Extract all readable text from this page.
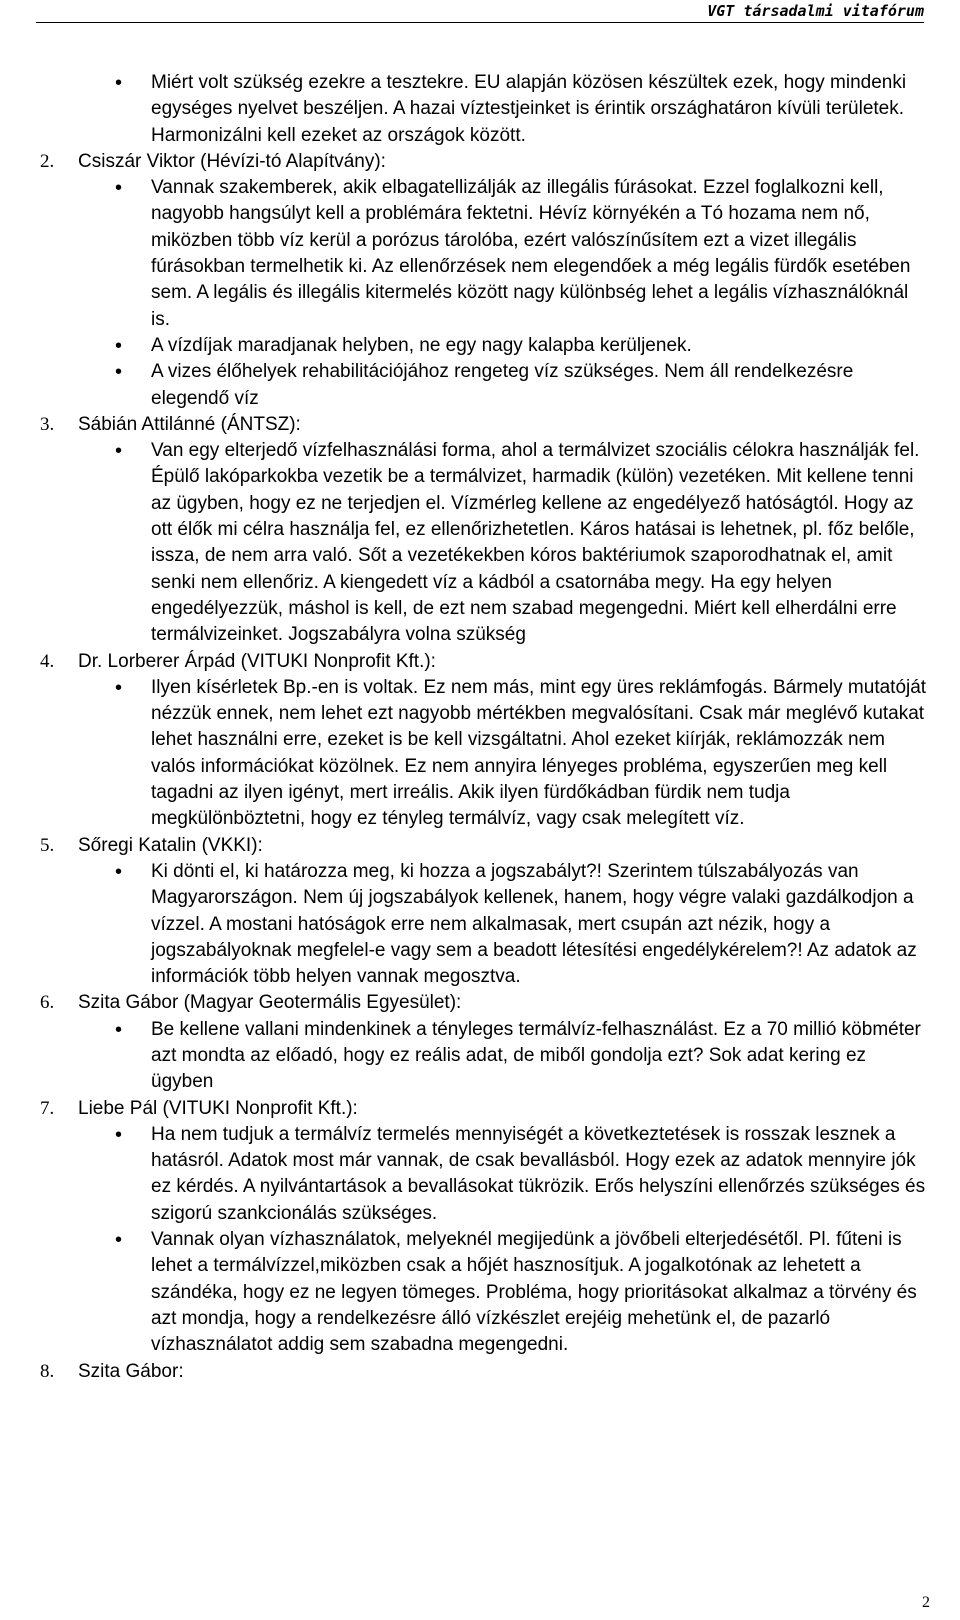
VGT társadalmi vitafórum
• Miért volt szükség ezekre a tesztekre. EU alapján közösen készültek ezek, hogy mindenki egységes nyelvet beszéljen. A hazai víztestjeinket is érintik országhatáron kívüli területek. Harmonizálni kell ezeket az országok között.
2. Csiszár Viktor (Hévízi-tó Alapítvány):
• Vannak szakemberek, akik elbagatellizálják az illegális fúrásokat. Ezzel foglalkozni kell, nagyobb hangsúlyt kell a problémára fektetni. Hévíz környékén a Tó hozama nem nő, miközben több víz kerül a porózus tárolóba, ezért valószínűsítem ezt a vizet illegális fúrásokban termelhetik ki. Az ellenőrzések nem elegendőek a még legális fürdők esetében sem. A legális és illegális kitermelés között nagy különbség lehet a legális vízhasználóknál is.
• A vízdíjak maradjanak helyben, ne egy nagy kalapba kerüljenek.
• A vizes élőhelyek rehabilitációjához rengeteg víz szükséges. Nem áll rendelkezésre elegendő víz
3. Sábián Attilánné (ÁNTSZ):
• Van egy elterjedő vízfelhasználási forma, ahol a termálvizet szociális célokra használják fel. Épülő lakóparkokba vezetik be a termálvizet, harmadik (külön) vezetéken. Mit kellene tenni az ügyben, hogy ez ne terjedjen el. Vízmérleg kellene az engedélyező hatóságtól. Hogy az ott élők mi célra használja fel, ez ellenőrizhetetlen. Káros hatásai is lehetnek, pl. főz belőle, issza, de nem arra való. Sőt a vezetékekben kóros baktériumok szaporodhatnak el, amit senki nem ellenőriz. A kiengedett víz a kádból a csatornába megy. Ha egy helyen engedélyezzük, máshol is kell, de ezt nem szabad megengedni. Miért kell elherdálni erre termálvizeinket. Jogszabályra volna szükség
4. Dr. Lorberer Árpád (VITUKI Nonprofit Kft.):
• Ilyen kísérletek Bp.-en is voltak. Ez nem más, mint egy üres reklámfogás. Bármely mutatóját nézzük ennek, nem lehet ezt nagyobb mértékben megvalósítani. Csak már meglévő kutakat lehet használni erre, ezeket is be kell vizsgáltatni. Ahol ezeket kiírják, reklámozzák nem valós információkat közölnek. Ez nem annyira lényeges probléma, egyszerűen meg kell tagadni az ilyen igényt, mert irreális. Akik ilyen fürdőkádban fürdik nem tudja megkülönböztetni, hogy ez tényleg termálvíz, vagy csak melegített víz.
5. Sőregi Katalin (VKKI):
• Ki dönti el, ki határozza meg, ki hozza a jogszabályt?! Szerintem túlszabályozás van Magyarországon. Nem új jogszabályok kellenek, hanem, hogy végre valaki gazdálkodjon a vízzel. A mostani hatóságok erre nem alkalmasak, mert csupán azt nézik, hogy a jogszabályoknak megfelel-e vagy sem a beadott létesítési engedélykérelem?! Az adatok az információk több helyen vannak megosztva.
6. Szita Gábor (Magyar Geotermális Egyesület):
• Be kellene vallani mindenkinek a tényleges termálvíz-felhasználást. Ez a 70 millió köbméter azt mondta az előadó, hogy ez reális adat, de miből gondolja ezt? Sok adat kering ez ügyben
7. Liebe Pál (VITUKI Nonprofit Kft.):
• Ha nem tudjuk a termálvíz termelés mennyiségét a következtetések is rosszak lesznek a hatásról. Adatok most már vannak, de csak bevallásból. Hogy ezek az adatok mennyire jók ez kérdés. A nyilvántartások a bevallásokat tükrözik. Erős helyszíni ellenőrzés szükséges és szigorú szankcionálás szükséges.
• Vannak olyan vízhasználatok, melyeknél megijedünk a jövőbeli elterjedésétől. Pl. fűteni is lehet a termálvízzel,miközben csak a hőjét hasznosítjuk. A jogalkotónak az lehetett a szándéka, hogy ez ne legyen tömeges. Probléma, hogy prioritásokat alkalmaz a törvény és azt mondja, hogy a rendelkezésre álló vízkészlet erejéig mehetünk el, de pazarló vízhasználatot addig sem szabadna megengedni.
8. Szita Gábor:
2
